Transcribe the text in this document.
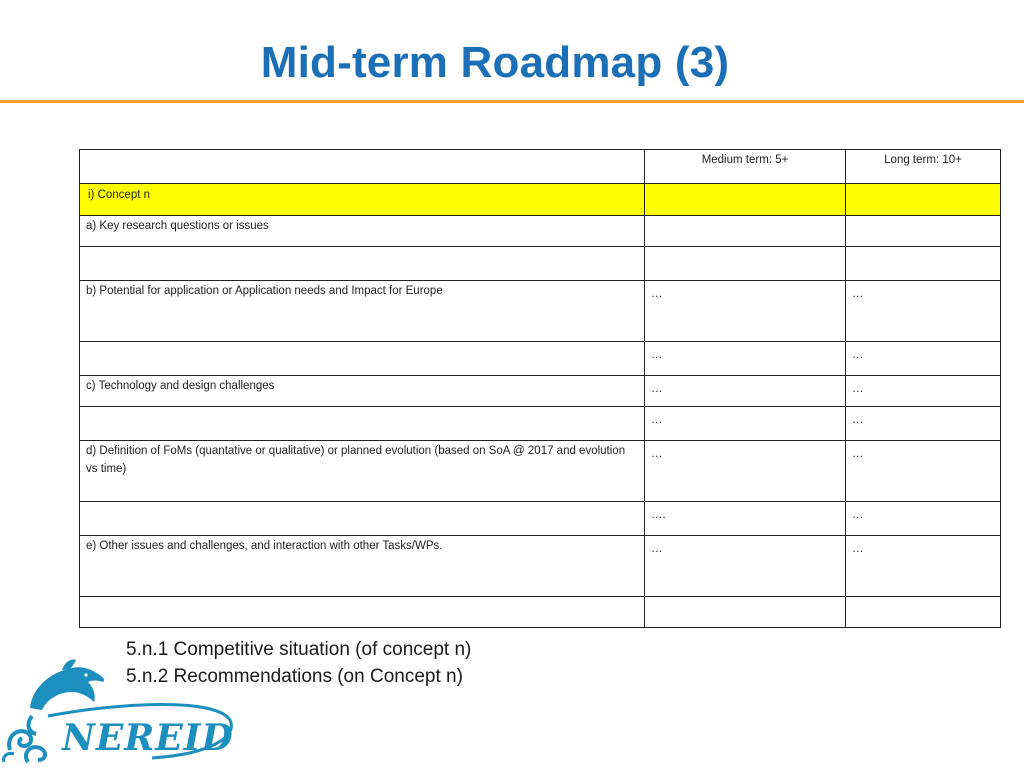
Mid-term Roadmap (3)
	Medium term: 5+	Long term: 10+
i) Concept n		
a) Key research questions or issues		

b) Potential for application or Application needs and Impact for Europe	…	…
	…	…
c) Technology and design challenges	…	…
	…	…
d) Definition of FoMs (quantative or qualitative) or planned evolution (based on SoA @ 2017 and evolution vs time)	…	…
	….	…
e) Other issues and challenges, and interaction with other Tasks/WPs.	…	…

5.n.1 Competitive situation (of concept n)
5.n.2 Recommendations (on Concept n)
NEREID
